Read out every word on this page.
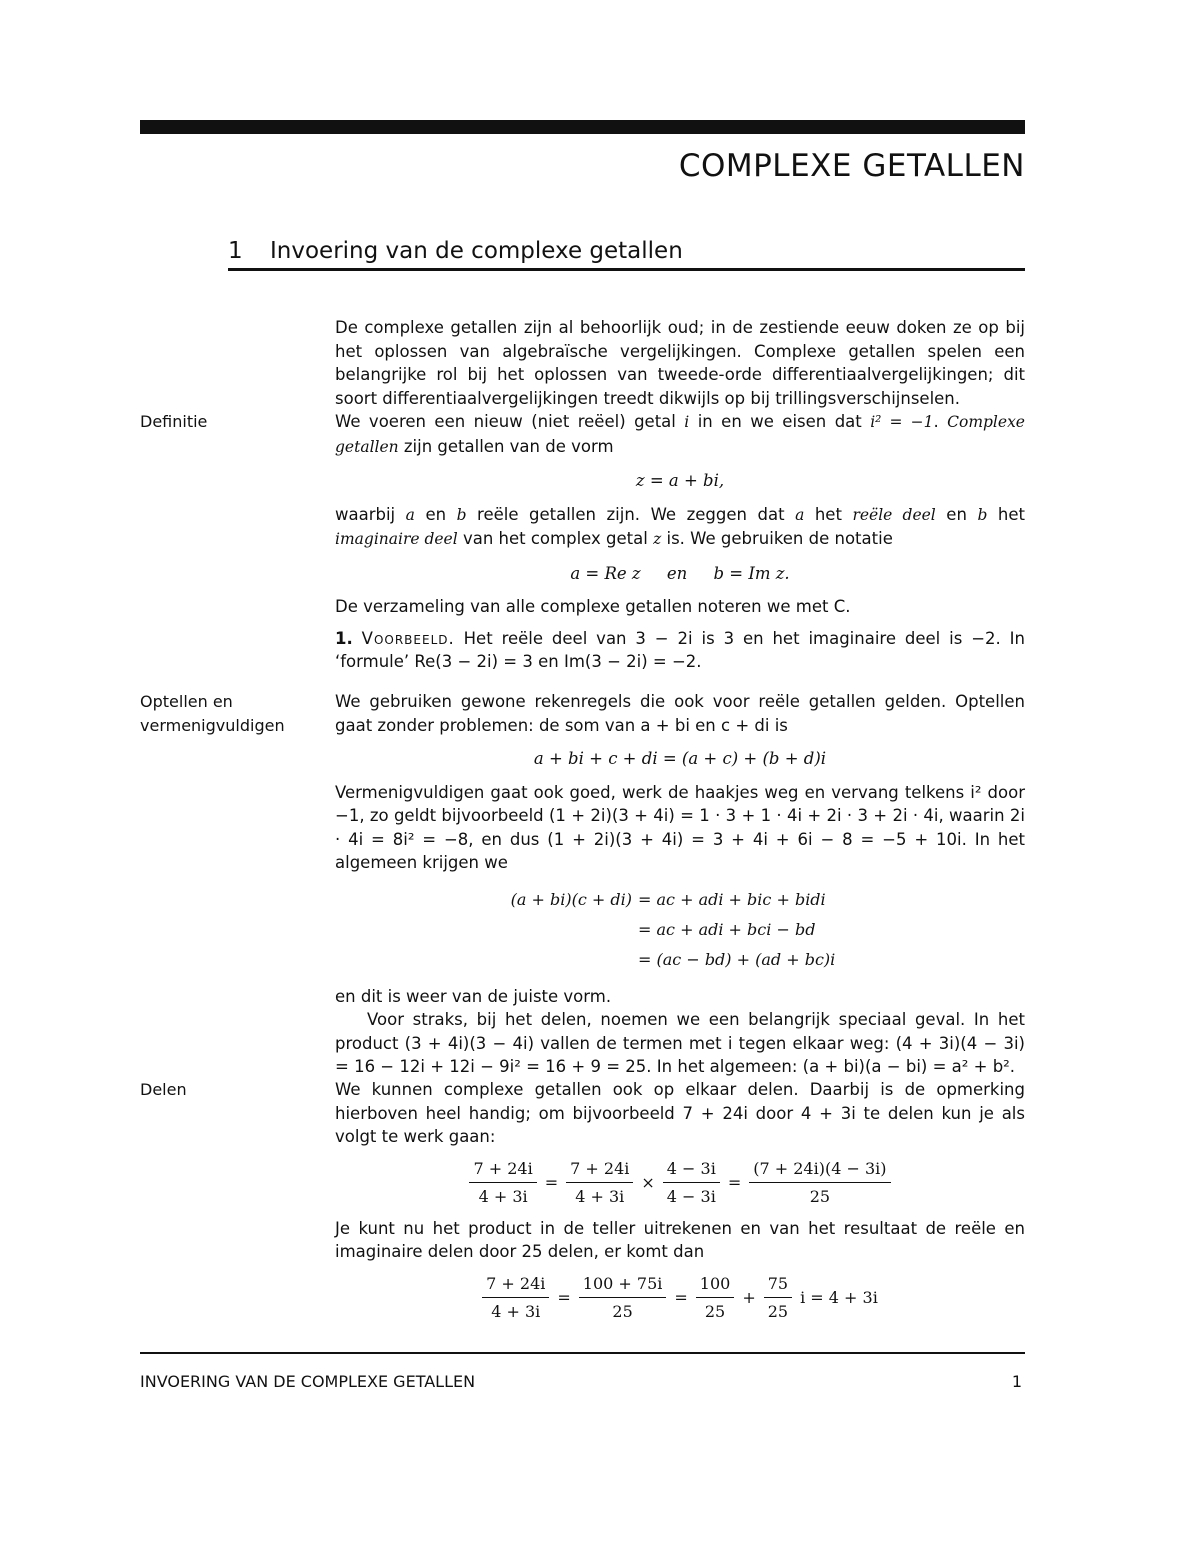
COMPLEXE GETALLEN
1 Invoering van de complexe getallen
Definitie
Optellen en
vermenigvuldigen
Delen

De complexe getallen zijn al behoorlijk oud; in de zestiende eeuw doken ze op bij het oplossen van algebraïsche vergelijkingen. Complexe getallen spelen een belangrijke rol bij het oplossen van tweede-orde differentiaalvergelijkingen; dit soort differentiaalvergelijkingen treedt dikwijls op bij trillingsverschijnselen.

We voeren een nieuw (niet reëel) getal i in en we eisen dat i² = −1. Complexe getallen zijn getallen van de vorm

z = a + bi,

waarbij a en b reële getallen zijn. We zeggen dat a het reële deel en b het imaginaire deel van het complex getal z is. We gebruiken de notatie

a = Re z     en     b = Im z.

De verzameling van alle complexe getallen noteren we met C.

1. Voorbeeld. Het reële deel van 3 − 2i is 3 en het imaginaire deel is −2. In ‘formule’ Re(3 − 2i) = 3 en Im(3 − 2i) = −2.

We gebruiken gewone rekenregels die ook voor reële getallen gelden. Optellen gaat zonder problemen: de som van a + bi en c + di is

a + bi + c + di = (a + c) + (b + d)i

Vermenigvuldigen gaat ook goed, werk de haakjes weg en vervang telkens i² door −1, zo geldt bijvoorbeeld (1 + 2i)(3 + 4i) = 1 · 3 + 1 · 4i + 2i · 3 + 2i · 4i, waarin 2i · 4i = 8i² = −8, en dus (1 + 2i)(3 + 4i) = 3 + 4i + 6i − 8 = −5 + 10i. In het algemeen krijgen we

(a + bi)(c + di) = ac + adi + bic + bidi
= ac + adi + bci − bd
= (ac − bd) + (ad + bc)i

en dit is weer van de juiste vorm.

Voor straks, bij het delen, noemen we een belangrijk speciaal geval. In het product (3 + 4i)(3 − 4i) vallen de termen met i tegen elkaar weg: (4 + 3i)(4 − 3i) = 16 − 12i + 12i − 9i² = 16 + 9 = 25. In het algemeen: (a + bi)(a − bi) = a² + b².

We kunnen complexe getallen ook op elkaar delen. Daarbij is de opmerking hierboven heel handig; om bijvoorbeeld 7 + 24i door 4 + 3i te delen kun je als volgt te werk gaan:

$\frac{7 + 24i}{4 + 3i} = \frac{7 + 24i}{4 + 3i} \times \frac{4 - 3i}{4 - 3i} = \frac{(7 + 24i)(4 - 3i)}{25}$

Je kunt nu het product in de teller uitrekenen en van het resultaat de reële en imaginaire delen door 25 delen, er komt dan

$\frac{7 + 24i}{4 + 3i} = \frac{100 + 75i}{25} = \frac{100}{25} + \frac{75}{25}$ i = 4 + 3i
INVOERING VAN DE COMPLEXE GETALLEN	1
